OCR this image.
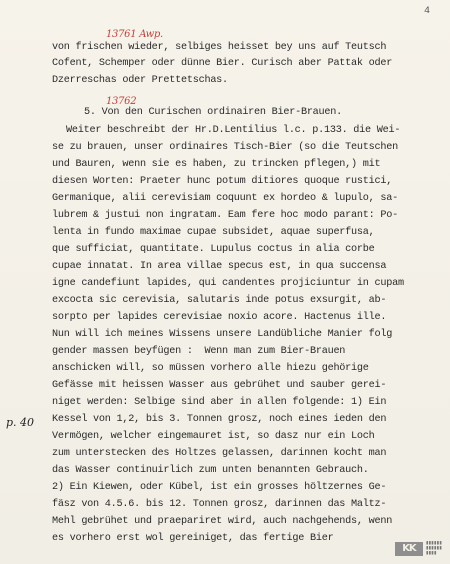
4
13761 Awp.
13762
p. 40
von frischen wieder, selbiges heisset bey uns auf Teutsch
Cofent, Schemper oder dünne Bier. Curisch aber Pattak oder
Dzerreschas oder Prettetschas.
5. Von den Curischen ordinairen Bier-Brauen.
Weiter beschreibt der Hr.D.Lentilius l.c. p.133. die Wei-
se zu brauen, unser ordinaires Tisch-Bier (so die Teutschen
und Bauren, wenn sie es haben, zu trincken pflegen,) mit
diesen Worten: Praeter hunc potum ditiores quoque rustici,
Germanique, alii cerevisiam coquunt ex hordeo & lupulo, sa-
lubrem & justui non ingratam. Eam fere hoc modo parant: Po-
lenta in fundo maximae cupae subsidet, aquae superfusa,
que sufficiat, quantitate. Lupulus coctus in alia corbe
cupae innatat. In area villae specus est, in qua succensa
igne candefiunt lapides, qui candentes projiciuntur in cupam
excocta sic cerevisia, salutaris inde potus exsurgit, ab-
sorpto per lapides cerevisiae noxio acore. Hactenus ille.
Nun will ich meines Wissens unsere Landübliche Manier folg
gender massen beyfügen :  Wenn man zum Bier-Brauen
anschicken will, so müssen vorhero alle hiezu gehörige
Gefässe mit heissen Wasser aus gebrühet und sauber gerei-
niget werden: Selbige sind aber in allen folgende: 1) Ein
Kessel von 1,2, bis 3. Tonnen grosz, noch eines ieden den
Vermögen, welcher eingemauret ist, so dasz nur ein Loch
zum unterstecken des Holtzes gelassen, darinnen kocht man
das Wasser continuirlich zum unten benannten Gebrauch.
2) Ein Kiewen, oder Kübel, ist ein grosses höltzernes Ge-
fäsz von 4.5.6. bis 12. Tonnen grosz, darinnen das Maltz-
Mehl gebrühet und praepariret wird, auch nachgehends, wenn
es vorhero erst wol gereiniget, das fertige Bier
KK	▮▮▮▮▮▮
▮▮▮▮▮▮
▮▮▮▮
